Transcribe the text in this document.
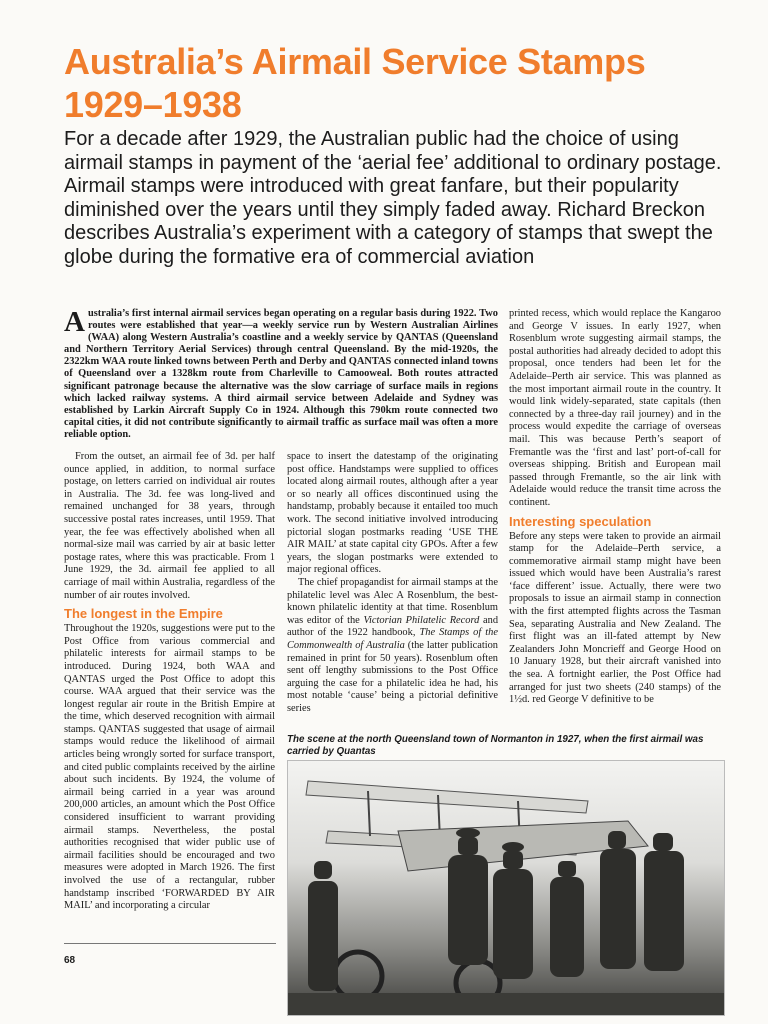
Australia’s Airmail Service Stamps 1929–1938

For a decade after 1929, the Australian public had the choice of using airmail stamps in payment of the ‘aerial fee’ additional to ordinary postage. Airmail stamps were introduced with great fanfare, but their popularity diminished over the years until they simply faded away. Richard Breckon describes Australia’s experiment with a category of stamps that swept the globe during the formative era of commercial aviation

Australia’s first internal airmail services began operating on a regular basis during 1922. Two routes were established that year—a weekly service run by Western Australian Airlines (WAA) along Western Australia’s coastline and a weekly service by QANTAS (Queensland and Northern Territory Aerial Services) through central Queensland. By the mid-1920s, the 2322km WAA route linked towns between Perth and Derby and QANTAS connected inland towns of Queensland over a 1328km route from Charleville to Camooweal. Both routes attracted significant patronage because the alternative was the slow carriage of surface mails in regions which lacked railway systems. A third airmail service between Adelaide and Sydney was established by Larkin Aircraft Supply Co in 1924. Although this 790km route connected two capital cities, it did not contribute significantly to airmail traffic as surface mail was often a more reliable option.

From the outset, an airmail fee of 3d. per half ounce applied, in addition, to normal surface postage, on letters carried on individual air routes in Australia. The 3d. fee was long-lived and remained unchanged for 38 years, through successive postal rates increases, until 1959. That year, the fee was effectively abolished when all normal-size mail was carried by air at basic letter postage rates, where this was practicable. From 1 June 1929, the 3d. airmail fee applied to all carriage of mail within Australia, regardless of the number of air routes involved.

The longest in the Empire

Throughout the 1920s, suggestions were put to the Post Office from various commercial and philatelic interests for airmail stamps to be introduced. During 1924, both WAA and QANTAS urged the Post Office to adopt this course. WAA argued that their service was the longest regular air route in the British Empire at the time, which deserved recognition with airmail stamps. QANTAS suggested that usage of airmail stamps would reduce the likelihood of airmail articles being wrongly sorted for surface transport, and cited public complaints received by the airline about such incidents. By 1924, the volume of airmail being carried in a year was around 200,000 articles, an amount which the Post Office considered insufficient to warrant providing airmail stamps. Nevertheless, the postal authorities recognised that wider public use of airmail facilities should be encouraged and two measures were adopted in March 1926. The first involved the use of a rectangular, rubber handstamp inscribed ‘FORWARDED BY AIR MAIL’ and incorporating a circular

space to insert the datestamp of the originating post office. Handstamps were supplied to offices located along airmail routes, although after a year or so nearly all offices discontinued using the handstamp, probably because it entailed too much work. The second initiative involved introducing pictorial slogan postmarks reading ‘USE THE AIR MAIL’ at state capital city GPOs. After a few years, the slogan postmarks were extended to major regional offices.

The chief propagandist for airmail stamps at the philatelic level was Alec A Rosenblum, the best-known philatelic identity at that time. Rosenblum was editor of the Victorian Philatelic Record and author of the 1922 handbook, The Stamps of the Commonwealth of Australia (the latter publication remained in print for 50 years). Rosenblum often sent off lengthy submissions to the Post Office arguing the case for a philatelic idea he had, his most notable ‘cause’ being a pictorial definitive series

printed recess, which would replace the Kangaroo and George V issues. In early 1927, when Rosenblum wrote suggesting airmail stamps, the postal authorities had already decided to adopt this proposal, once tenders had been let for the Adelaide–Perth air service. This was planned as the most important airmail route in the country. It would link widely-separated, state capitals (then connected by a three-day rail journey) and in the process would expedite the carriage of overseas mail. This was because Perth’s seaport of Fremantle was the ‘first and last’ port-of-call for overseas shipping. British and European mail passed through Fremantle, so the air link with Adelaide would reduce the transit time across the continent.

Interesting speculation

Before any steps were taken to provide an airmail stamp for the Adelaide–Perth service, a commemorative airmail stamp might have been issued which would have been Australia’s rarest ‘face different’ issue. Actually, there were two proposals to issue an airmail stamp in connection with the first attempted flights across the Tasman Sea, separating Australia and New Zealand. The first flight was an ill-fated attempt by New Zealanders John Moncrieff and George Hood on 10 January 1928, but their aircraft vanished into the sea. A fortnight earlier, the Post Office had arranged for just two sheets (240 stamps) of the 1½d. red George V definitive to be

The scene at the north Queensland town of Normanton in 1927, when the first airmail was carried by Quantas

68
